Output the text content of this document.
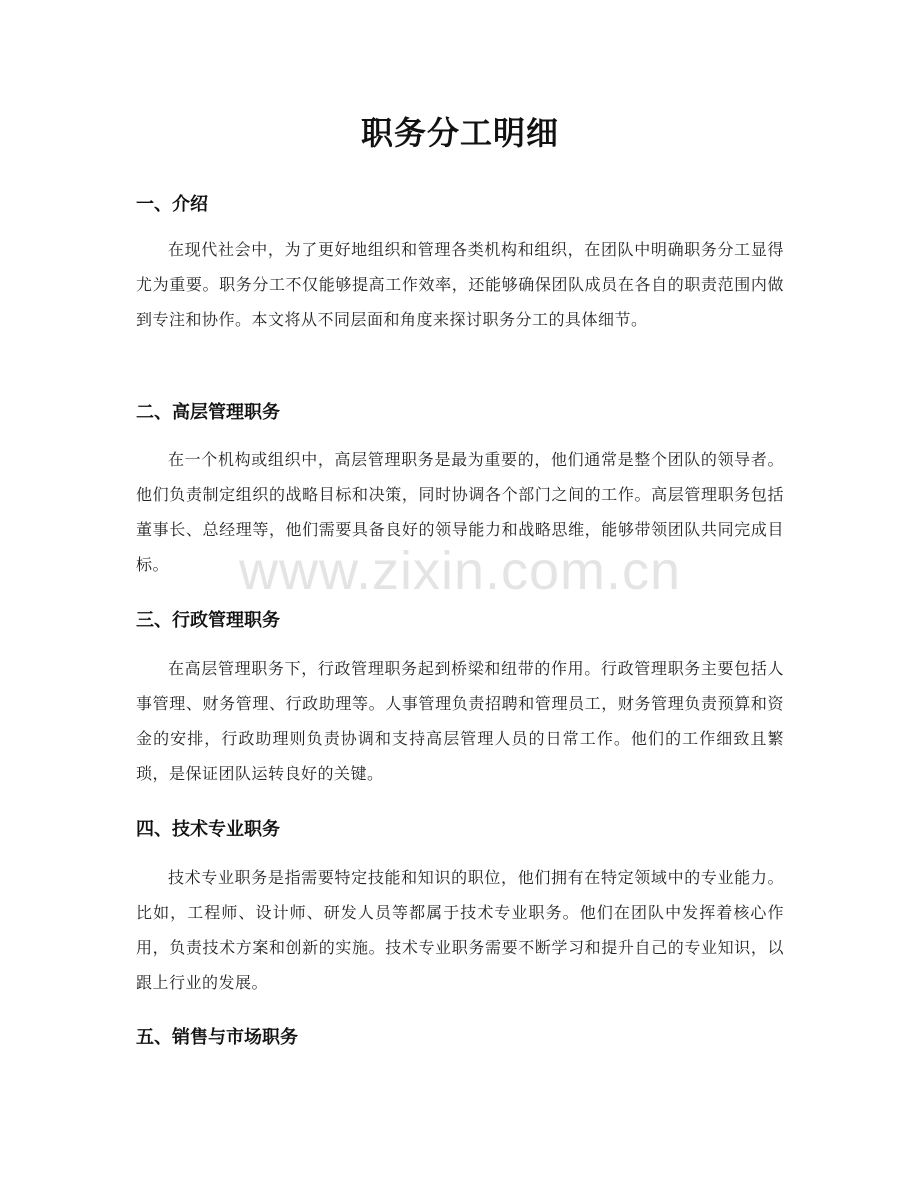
职务分工明细
一、介绍

在现代社会中，为了更好地组织和管理各类机构和组织，在团队中明确职务分工显得尤为重要。职务分工不仅能够提高工作效率，还能够确保团队成员在各自的职责范围内做到专注和协作。本文将从不同层面和角度来探讨职务分工的具体细节。

二、高层管理职务

在一个机构或组织中，高层管理职务是最为重要的，他们通常是整个团队的领导者。他们负责制定组织的战略目标和决策，同时协调各个部门之间的工作。高层管理职务包括董事长、总经理等，他们需要具备良好的领导能力和战略思维，能够带领团队共同完成目标。

三、行政管理职务

在高层管理职务下，行政管理职务起到桥梁和纽带的作用。行政管理职务主要包括人事管理、财务管理、行政助理等。人事管理负责招聘和管理员工，财务管理负责预算和资金的安排，行政助理则负责协调和支持高层管理人员的日常工作。他们的工作细致且繁琐，是保证团队运转良好的关键。

四、技术专业职务

技术专业职务是指需要特定技能和知识的职位，他们拥有在特定领域中的专业能力。比如，工程师、设计师、研发人员等都属于技术专业职务。他们在团队中发挥着核心作用，负责技术方案和创新的实施。技术专业职务需要不断学习和提升自己的专业知识，以跟上行业的发展。

五、销售与市场职务
www.zixin.com.cn
